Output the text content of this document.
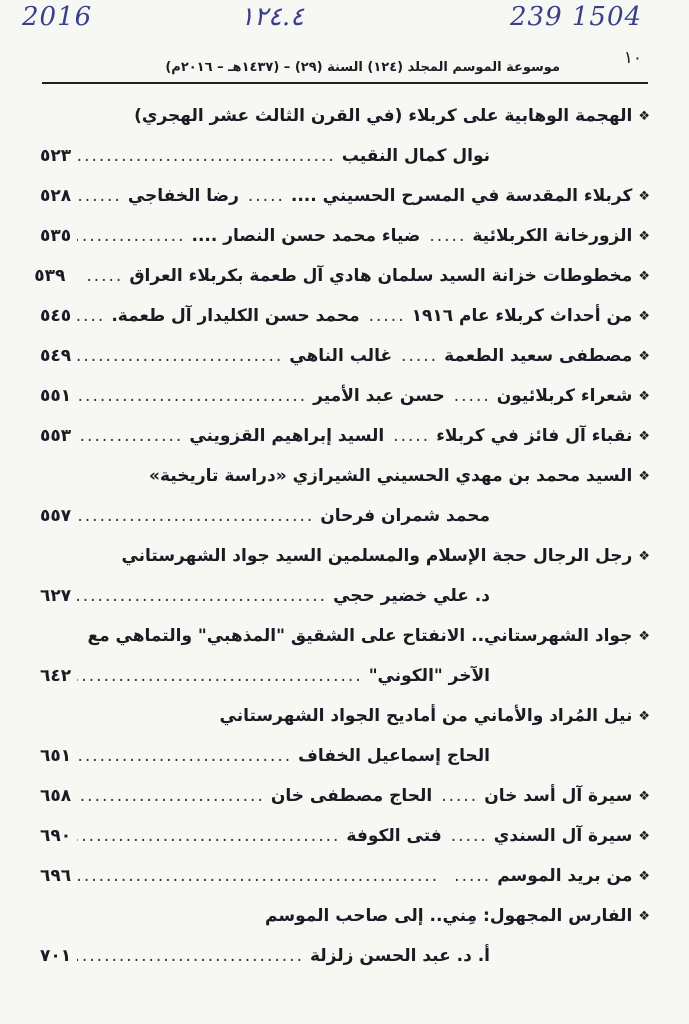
2016	١٢٤.٤	239 1504
١٠
موسوعة الموسم المجلد (١٢٤) السنة (٢٩) – (١٤٣٧هـ – ٢٠١٦م)
❖
الهجمة الوهابية على كربلاء (في القرن الثالث عشر الهجري)
نوال كمال النقيب
.....
٥٢٣
❖
كربلاء المقدسة في المسرح الحسيني ....
.....
رضا الخفاجي
.....
٥٢٨
❖
الزورخانة الكربلائية
.....
ضياء محمد حسن النصار ....
.....
٥٣٥
❖
مخطوطات خزانة السيد سلمان هادي آل طعمة بكربلاء العراق
.....
٥٣٩
❖
من أحداث كربلاء عام ١٩١٦
.....
محمد حسن الكليدار آل طعمة.
.....
٥٤٥
❖
مصطفى سعيد الطعمة
.....
غالب الناهي
.....
٥٤٩
❖
شعراء كربلائيون
.....
حسن عبد الأمير
.....
٥٥١
❖
نقباء آل فائز في كربلاء
.....
السيد إبراهيم القزويني
.....
٥٥٣
❖
السيد محمد بن مهدي الحسيني الشيرازي «دراسة تاريخية»
محمد شمران فرحان
.....
٥٥٧
❖
رجل الرجال حجة الإسلام والمسلمين السيد جواد الشهرستاني
د. علي خضير حجي
.....
٦٢٧
❖
جواد الشهرستاني.. الانفتاح على الشقيق "المذهبي" والتماهي مع
الآخر "الكوني"
.....
٦٤٢
❖
نيل المُراد والأماني من أماديح الجواد الشهرستاني
الحاج إسماعيل الخفاف
.....
٦٥١
❖
سيرة آل أسد خان
.....
الحاج مصطفى خان
.....
٦٥٨
❖
سيرة آل السندي
.....
فتى الكوفة
.....
٦٩٠
❖
من بريد الموسم
.....
.....
٦٩٦
❖
الفارس المجهول: مِني.. إلى صاحب الموسم
أ. د. عبد الحسن زلزلة
.....
٧٠١
